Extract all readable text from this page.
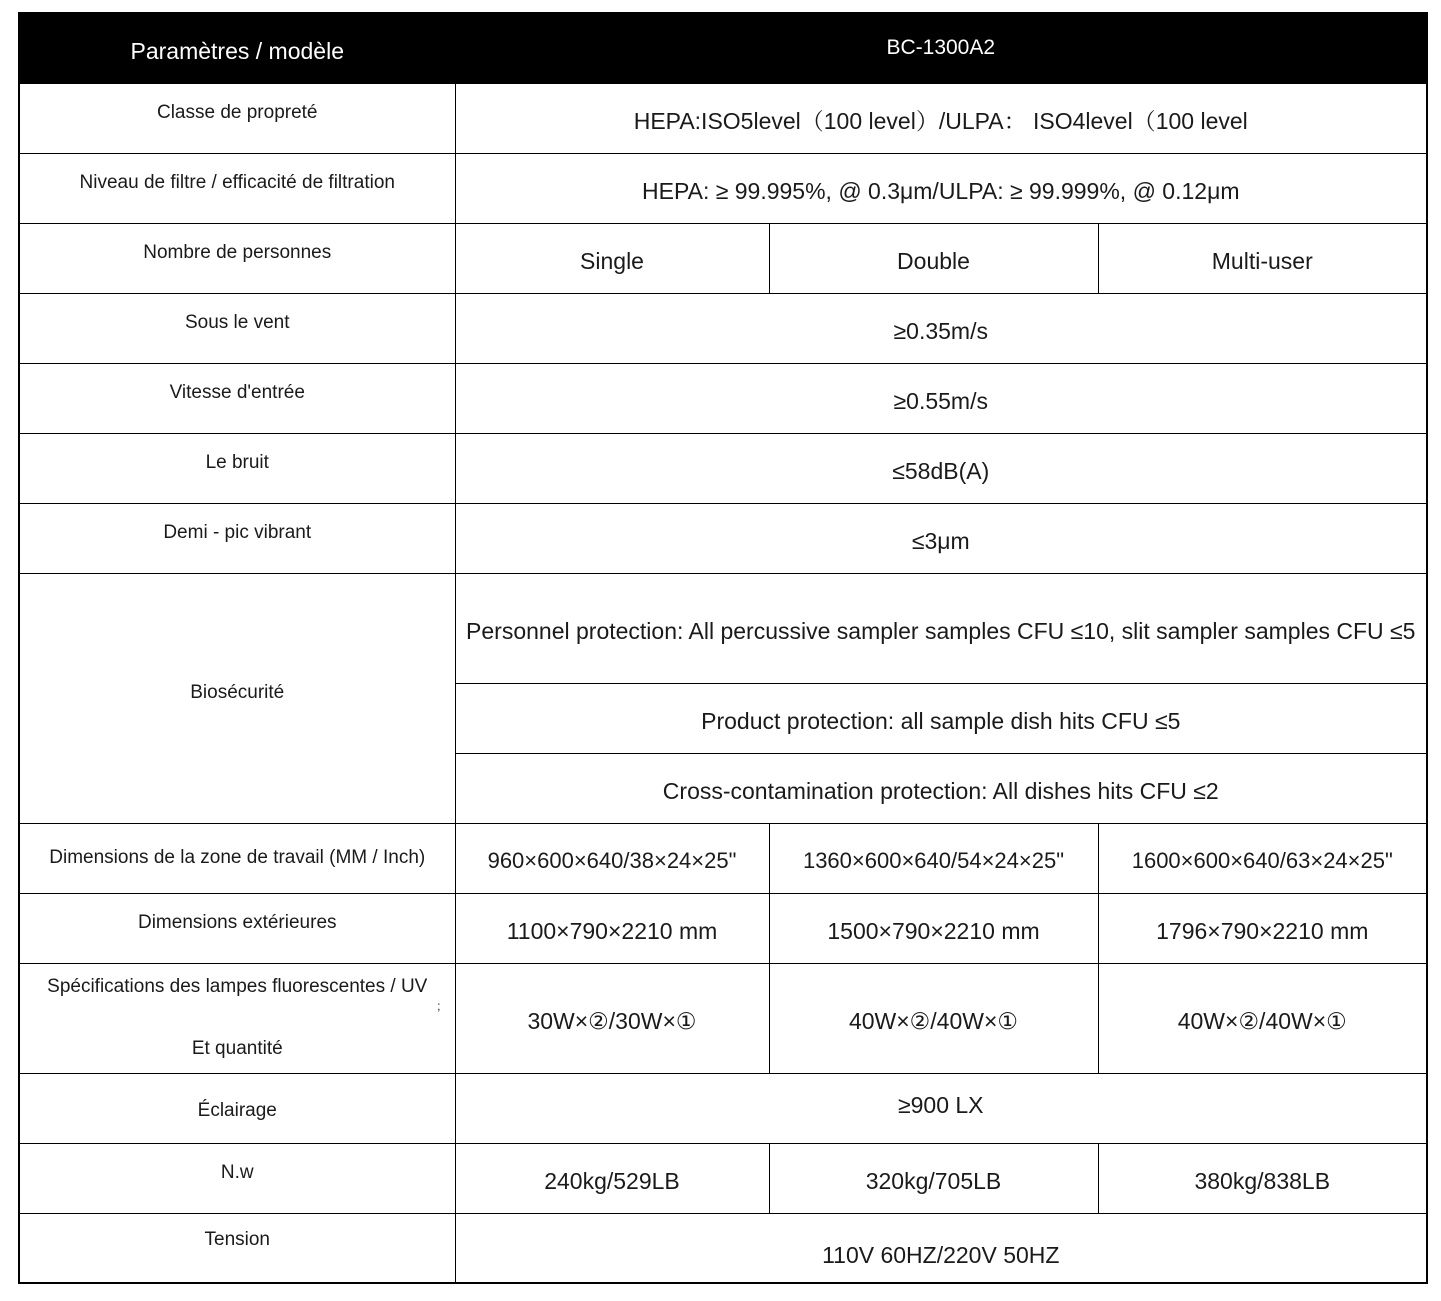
Paramètres / modèle	BC-1300A2		
Classe de propreté	HEPA:ISO5level（100 level）/ULPA： ISO4level（100 level		
Niveau de filtre / efficacité de filtration	HEPA: ≥ 99.995%, @ 0.3μm/ULPA: ≥ 99.999%, @ 0.12μm		
Nombre de personnes	Single	Double	Multi-user
Sous le vent	≥0.35m/s		
Vitesse d'entrée	≥0.55m/s		
Le bruit	≤58dB(A)		
Demi - pic vibrant	≤3μm		
Biosécurité	Personnel protection: All percussive sampler samples CFU ≤10, slit sampler samples CFU ≤5		
	Product protection: all sample dish hits CFU ≤5		
	Cross-contamination protection: All dishes hits CFU ≤2		
Dimensions de la zone de travail (MM / Inch)	960×600×640/38×24×25"	1360×600×640/54×24×25"	1600×600×640/63×24×25"
Dimensions extérieures	1100×790×2210 mm	1500×790×2210 mm	1796×790×2210 mm

Spécifications des lampes fluorescentes / UV
;
Et quantité	30W×②/30W×①	40W×②/40W×①	40W×②/40W×①
Éclairage	≥900 LX		
N.w	240kg/529LB	320kg/705LB	380kg/838LB
Tension	110V 60HZ/220V 50HZ		
